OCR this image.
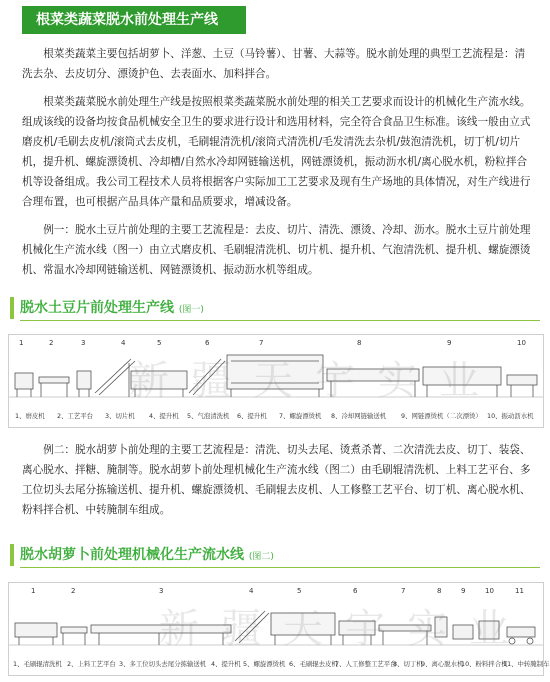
根菜类蔬菜脱水前处理生产线

根菜类蔬菜主要包括胡萝卜、洋葱、土豆（马铃薯）、甘薯、大蒜等。脱水前处理的典型工艺流程是：清洗去杂、去皮切分、漂烫护色、去表面水、加料拌合。

根菜类蔬菜脱水前处理生产线是按照根菜类蔬菜脱水前处理的相关工艺要求而设计的机械化生产流水线。组成该线的设备均按食品机械安全卫生的要求进行设计和选用材料，完全符合食品卫生标准。该线一般由立式磨皮机/毛刷去皮机/滚筒式去皮机，毛刷辊清洗机/滚筒式清洗机/毛发清洗去杂机/鼓泡清洗机，切丁机/切片机，提升机、螺旋漂烫机、冷却槽/自然水冷却网链输送机，网链漂烫机，振动沥水机/离心脱水机，粉粒拌合机等设备组成。我公司工程技术人员将根据客户实际加工工艺要求及现有生产场地的具体情况，对生产线进行合理布置，也可根据产品具体产量和品质要求，增减设备。

例一：脱水土豆片前处理的主要工艺流程是：去皮、切片、清洗、漂烫、冷却、沥水。脱水土豆片前处理机械化生产流水线（图一）由立式磨皮机、毛刷辊清洗机、切片机、提升机、气泡清洗机、提升机、螺旋漂烫机、常温水冷却网链输送机、网链漂烫机、振动沥水机等组成。

脱水土豆片前处理生产线 (图一)
1	2	3	4	5	6	7	8	9	10
新疆天宇实业
1、磨皮机 2、工艺平台 3、切片机 4、提升机 5、气泡清洗机 6、提升机 7、螺旋漂烫机 8、冷却网链输送机 9、网链漂烫机（二次漂烫） 10、振动沥水机

例二：脱水胡萝卜前处理的主要工艺流程是：清洗、切头去尾、烫煮杀菁、二次清洗去皮、切丁、装袋、离心脱水、拌糖、腌制等。脱水胡萝卜前处理机械化生产流水线（图二）由毛刷辊清洗机、上料工艺平台、多工位切头去尾分拣输送机、提升机、螺旋漂烫机、毛刷辊去皮机、人工修整工艺平台、切丁机、离心脱水机、粉料拌合机、中转腌制车组成。

脱水胡萝卜前处理机械化生产流水线 (图二)
1	2	3	4	5	6	7	8	9	10	11
新疆天宇实业
1、毛刷辊清洗机 2、上料工艺平台 3、多工位切头去尾分拣输送机 4、提升机 5、螺旋漂烫机 6、毛刷辊去皮机
7、人工修整工艺平台
8、切丁机
9、离心脱水机
10、粉料拌合机
11、中转腌制车
